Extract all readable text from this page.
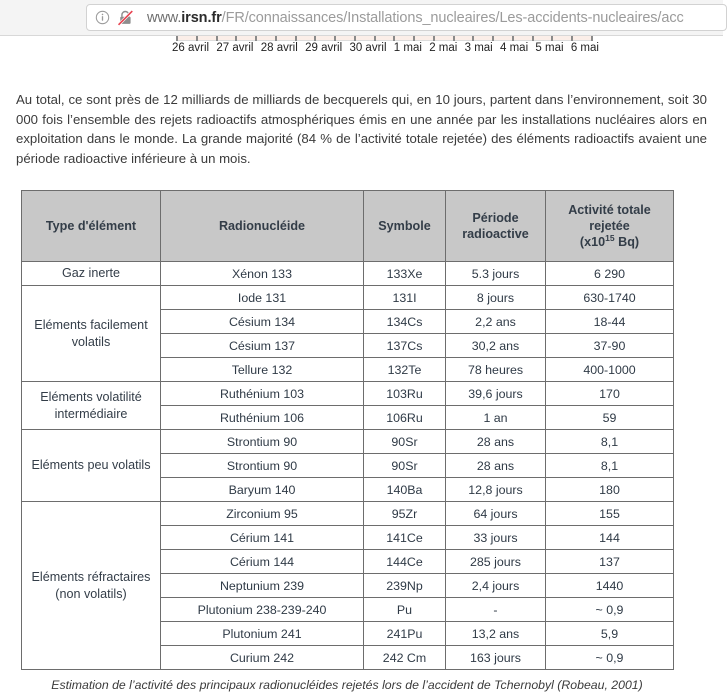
www.irsn.fr/FR/connaissances/Installations_nucleaires/Les-accidents-nucleaires/acc
26 avril 27 avril 28 avril 29 avril 30 avril 1 mai 2 mai 3 mai 4 mai 5 mai 6 mai

Au total, ce sont près de 12 milliards de milliards de becquerels qui, en 10 jours, partent dans l’environnement, soit 30 000 fois l’ensemble des rejets radioactifs atmosphériques émis en une année par les installations nucléaires alors en exploitation dans le monde. La grande majorité (84 % de l’activité totale rejetée) des éléments radioactifs avaient une période radioactive inférieure à un mois.

Type d'élément	Radionucléide	Symbole	Période radioactive	Activité totale
rejetée
($x10^{15}$ Bq)
Gaz inerte	Xénon 133	133Xe	5.3 jours	6 290
Eléments facilement volatils	Iode 131	131I	8 jours	630-1740
	Césium 134	134Cs	2,2 ans	18-44
	Césium 137	137Cs	30,2 ans	37-90
	Tellure 132	132Te	78 heures	400-1000
Eléments volatilité intermédiaire	Ruthénium 103	103Ru	39,6 jours	170
	Ruthénium 106	106Ru	1 an	59
Eléments peu volatils	Strontium 90	90Sr	28 ans	8,1
	Strontium 90	90Sr	28 ans	8,1
	Baryum 140	140Ba	12,8 jours	180
Eléments réfractaires (non volatils)	Zirconium 95	95Zr	64 jours	155
	Cérium 141	141Ce	33 jours	144
	Cérium 144	144Ce	285 jours	137
	Neptunium 239	239Np	2,4 jours	1440
	Plutonium 238-239-240	Pu	-	~ 0,9
	Plutonium 241	241Pu	13,2 ans	5,9
	Curium 242	242 Cm	163 jours	~ 0,9
Estimation de l’activité des principaux radionucléides rejetés lors de l’accident de Tchernobyl (Robeau, 2001)
